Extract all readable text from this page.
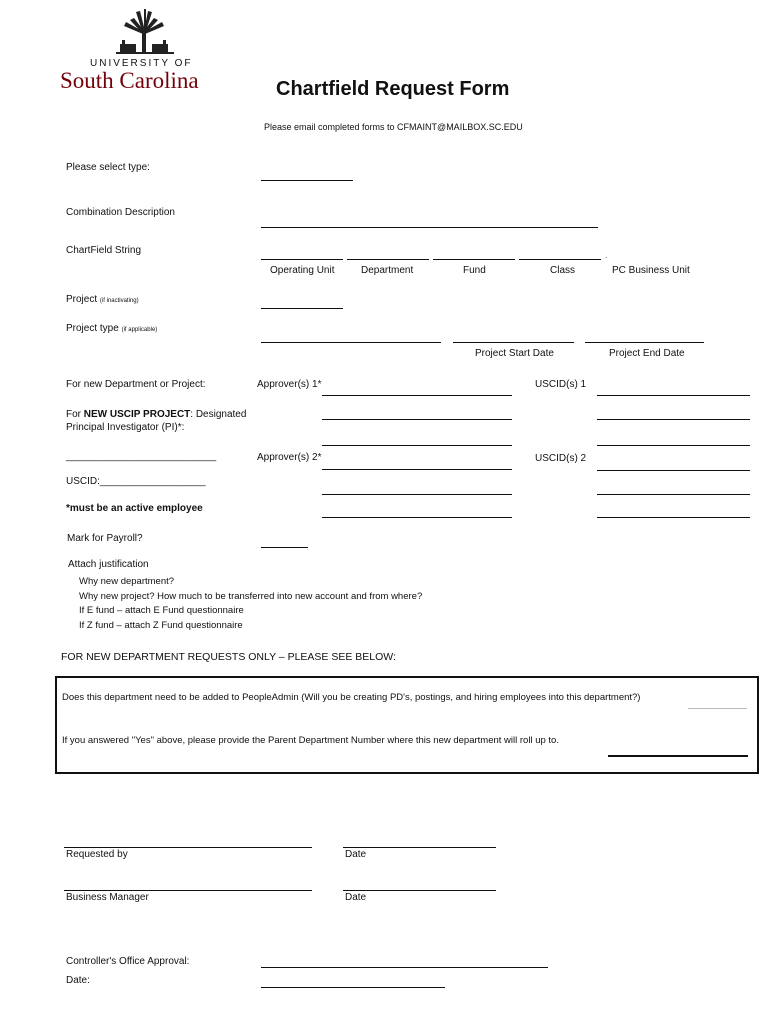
UNIVERSITY OF
South Carolina	Chartfield Request Form
Please email completed forms to CFMAINT@MAILBOX.SC.EDU
Please select type:
Combination Description
ChartField String	.
Operating Unit	Department	Fund	Class	PC Business Unit
Project (if inactivating)
Project type (if applicable)
Project Start Date	Project End Date
For new Department or Project:	Approver(s) 1*	USCID(s) 1
For NEW USCIP PROJECT: Designated
Principal Investigator (PI)*:
___________________________	Approver(s) 2*	USCID(s) 2
USCID:___________________
*must be an active employee
Mark for Payroll?
Attach justification
Why new department?
Why new project? How much to be transferred into new account and from where?
If E fund – attach E Fund questionnaire
If Z fund – attach Z Fund questionnaire
FOR NEW DEPARTMENT REQUESTS ONLY – PLEASE SEE BELOW:
Does this department need to be added to PeopleAdmin (Will you be creating PD's, postings, and hiring employees into this department?)
If you answered "Yes" above, please provide the Parent Department Number where this new department will roll up to.
Requested by	Date
Business Manager	Date
Controller's Office Approval:
Date:
